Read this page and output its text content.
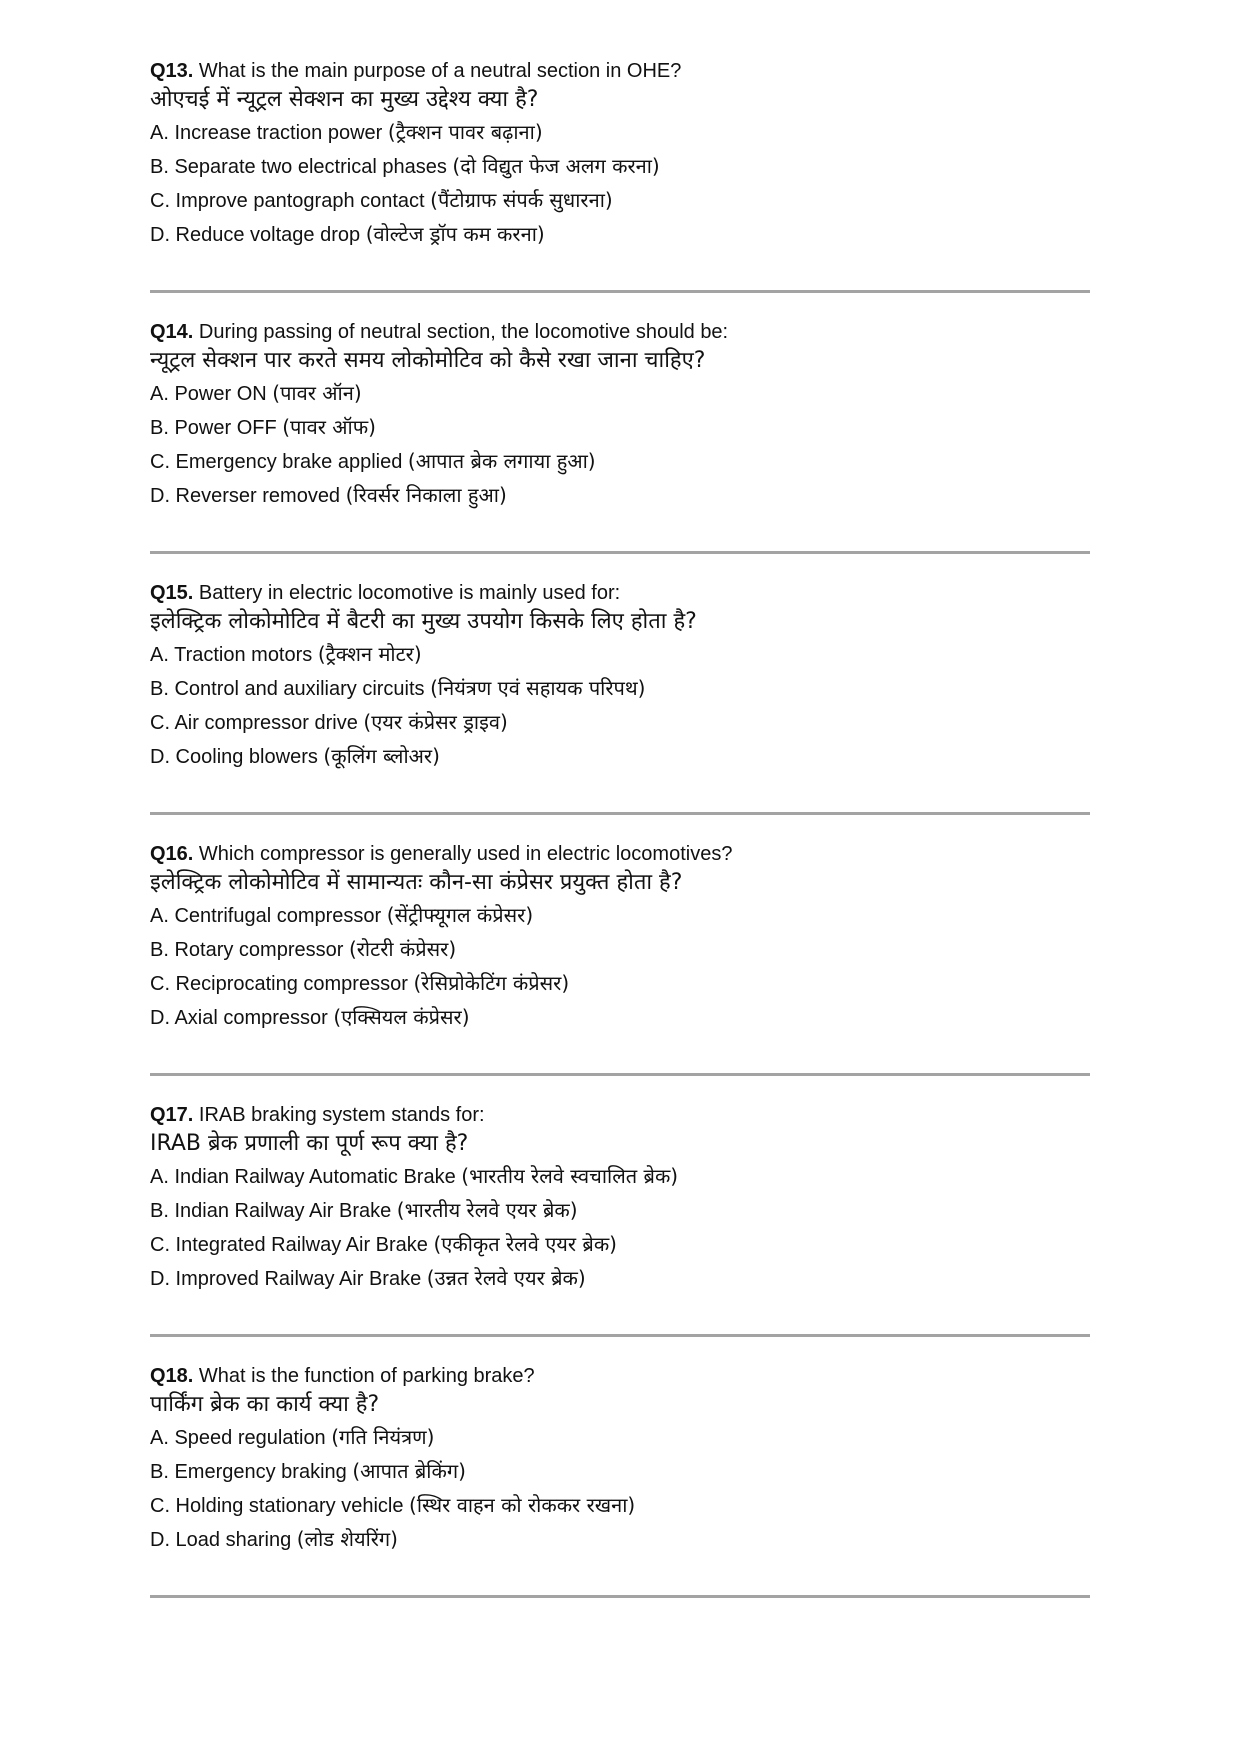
Q13. What is the main purpose of a neutral section in OHE?

ओएचई में न्यूट्रल सेक्शन का मुख्य उद्देश्य क्या है?

A. Increase traction power (ट्रैक्शन पावर बढ़ाना)

B. Separate two electrical phases (दो विद्युत फेज अलग करना)

C. Improve pantograph contact (पैंटोग्राफ संपर्क सुधारना)

D. Reduce voltage drop (वोल्टेज ड्रॉप कम करना)

Q14. During passing of neutral section, the locomotive should be:

न्यूट्रल सेक्शन पार करते समय लोकोमोटिव को कैसे रखा जाना चाहिए?

A. Power ON (पावर ऑन)

B. Power OFF (पावर ऑफ)

C. Emergency brake applied (आपात ब्रेक लगाया हुआ)

D. Reverser removed (रिवर्सर निकाला हुआ)

Q15. Battery in electric locomotive is mainly used for:

इलेक्ट्रिक लोकोमोटिव में बैटरी का मुख्य उपयोग किसके लिए होता है?

A. Traction motors (ट्रैक्शन मोटर)

B. Control and auxiliary circuits (नियंत्रण एवं सहायक परिपथ)

C. Air compressor drive (एयर कंप्रेसर ड्राइव)

D. Cooling blowers (कूलिंग ब्लोअर)

Q16. Which compressor is generally used in electric locomotives?

इलेक्ट्रिक लोकोमोटिव में सामान्यतः कौन-सा कंप्रेसर प्रयुक्त होता है?

A. Centrifugal compressor (सेंट्रीफ्यूगल कंप्रेसर)

B. Rotary compressor (रोटरी कंप्रेसर)

C. Reciprocating compressor (रेसिप्रोकेटिंग कंप्रेसर)

D. Axial compressor (एक्सियल कंप्रेसर)

Q17. IRAB braking system stands for:

IRAB ब्रेक प्रणाली का पूर्ण रूप क्या है?

A. Indian Railway Automatic Brake (भारतीय रेलवे स्वचालित ब्रेक)

B. Indian Railway Air Brake (भारतीय रेलवे एयर ब्रेक)

C. Integrated Railway Air Brake (एकीकृत रेलवे एयर ब्रेक)

D. Improved Railway Air Brake (उन्नत रेलवे एयर ब्रेक)

Q18. What is the function of parking brake?

पार्किंग ब्रेक का कार्य क्या है?

A. Speed regulation (गति नियंत्रण)

B. Emergency braking (आपात ब्रेकिंग)

C. Holding stationary vehicle (स्थिर वाहन को रोककर रखना)

D. Load sharing (लोड शेयरिंग)
